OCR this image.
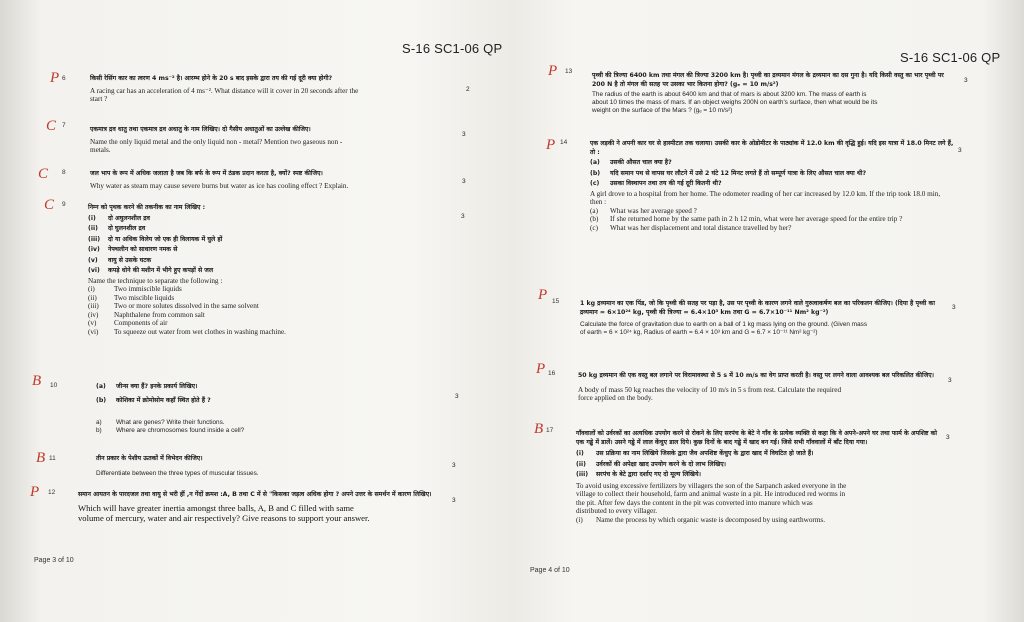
S-16 SC1-06 QP
P 6
2
किसी रेसिंग कार का त्वरण 4 ms⁻² है। आरम्भ होने के 20 s बाद इसके द्वारा तय की गई दूरी क्या होगी?
A racing car has an acceleration of 4 ms⁻². What distance will it cover in 20 seconds after the
start ?
C 7
3
एकमात्र द्रव धातु तथा एकमात्र द्रव अधातु के नाम लिखिए। दो गैसीय अधातुओं का उल्लेख कीजिए।
Name the only liquid metal and the only liquid non - metal? Mention two gaseous non -
metals.
C 8
3
जल भाप के रूप में अधिक जलाता है जब कि बर्फ के रूप में ठंडक प्रदान करता है, क्यों? स्पष्ट कीजिए।
Why water as steam may cause severe burns but water as ice has cooling effect ? Explain.
C 9
3
निम्न को पृथक करने की तकनीक का नाम लिखिए :
(i)	दो अघुलनशील द्रव
(ii)	दो घुलनशील द्रव
(iii)	दो या अधिक विलेय जो एक ही विलायक में घुले हों
(iv)	नेफ्थलीन को साधारण नमक से
(v)	वायु से उसके घटक
(vi)	कपड़े धोने की मशीन में भीगे हुए कपड़ों से जल
Name the technique to separate the following :
(i)	Two immiscible liquids
(ii)	Two miscible liquids
(iii)	Two or more solutes dissolved in the same solvent
(iv)	Naphthalene from common salt
(v)	Components of air
(vi)	To squeeze out water from wet clothes in washing machine.
B 10
3
(a)	जीन्स क्या हैं? इनके प्रकार्य लिखिए।
(b)	कोशिका में क्रोमोसोम कहाँ स्थित होते हैं ?
a)	What are genes? Write their functions.
b)	Where are chromosomes found inside a cell?
B 11
3
तीन प्रकार के पेशीय ऊतकों में विभेदन कीजिए।
Differentiate between the three types of muscular tissues.
P 12
3
समान आयतन के पारदजल तथा वायु से भरी हीं ,न गेंदों क्रमश :A, B तथा C में से "किसका जड़त्व अधिक होगा ? अपने उत्तर के समर्थन में कारण लिखिए।
Which will have greater inertia amongst three balls, A, B and C filled with same
volume of mercury, water and air respectively? Give reasons to support your answer.
Page 3 of 10
S-16 SC1-06 QP
P 13
3
पृथ्वी की त्रिज्या 6400 km तथा मंगल की त्रिज्या 3200 km है। पृथ्वी का द्रव्यमान मंगल के द्रव्यमान का दस गुना है। यदि किसी वस्तु का भार पृथ्वी पर 200 N है तो मंगल की सतह पर उसका भार कितना होगा? (gₑ = 10 m/s²)
The radius of the earth is about 6400 km and that of mars is about 3200 km. The mass of earth is
about 10 times the mass of mars. If an object weighs 200N on earth's surface, then what would be its
weight on the surface of the Mars ? (gₑ = 10 m/s²)
P 14
3
एक लड़की ने अपनी कार घर से हास्पीटल तक चलाया। उसकी कार के ओडोमीटर के पाठ्यांक में 12.0 km की वृद्धि हुई। यदि इस यात्रा में 18.0 मिनट लगे हैं, तो :
(a)	उसकी औसत चाल क्या है?
(b)	यदि समान पथ से वापस घर लौटने में उसे 2 घंटे 12 मिनट लगते हैं तो सम्पूर्ण यात्रा के लिए औसत चाल क्या थी?
(c)	उसका विस्थापन तथा तय की गई दूरी कितनी थी?
A girl drove to a hospital from her home. The odometer reading of her car increased by 12.0 km. If the trip took 18.0 min, then :
(a)	What was her average speed ?
(b)	If she returned home by the same path in 2 h 12 min, what were her average speed for the entire trip ?
(c)	What was her displacement and total distance travelled by her?
P 15
3
1 kg द्रव्यमान का एक पिंड, जो कि पृथ्वी की सतह पर पड़ा है, उस पर पृथ्वी के कारण लगने वाले गुरुत्वाकर्षण बल का परिकलन कीजिए। (दिया है पृथ्वी का द्रव्यमान = 6×10²⁴ kg, पृथ्वी की त्रिज्या = 6.4×10³ km तथा G = 6.7×10⁻¹¹ Nm² kg⁻²)
Calculate the force of gravitation due to earth on a ball of 1 kg mass lying on the ground. (Given mass
of earth = 6 × 10²⁴ kg, Radius of earth = 6.4 × 10³ km and G = 6.7 × 10⁻¹¹ Nm² kg⁻²)
P 16
3
50 kg द्रव्यमान की एक वस्तु बल लगाने पर विरामावस्था से 5 s में 10 m/s का वेग प्राप्त करती है। वस्तु पर लगने वाला आवश्यक बल परिकलित कीजिए।
A body of mass 50 kg reaches the velocity of 10 m/s in 5 s from rest. Calculate the required
force applied on the body.
B 17
3
गाँववालों को उर्वरकों का अत्यधिक उपयोग करने से रोकने के लिए सरपंच के बेटे ने गाँव के प्रत्येक व्यक्ति से कहा कि वे अपने-अपने घर तथा फार्म के अपशिष्ट को एक गड्ढे में डालें। उसने गड्ढे में लाल केंचुए डाल दिये। कुछ दिनों के बाद गड्ढे में खाद बन गई। जिसे सभी गाँववालों में बाँट दिया गया।
(i)	उस प्रक्रिया का नाम लिखिये जिसके द्वारा जैव अपशिष्ट केंचुए के द्वारा खाद में विघटित हो जाते हैं।
(ii)	उर्वरकों की अपेक्षा खाद उपयोग करने के दो लाभ लिखिए।
(iii)	सरपंच के बेटे द्वारा दर्शाए गए दो मूल्य लिखिये।
To avoid using excessive fertilizers by villagers the son of the Sarpanch asked everyone in the
village to collect their household, farm and animal waste in a pit. He introduced red worms in
the pit. After few days the content in the pit was converted into manure which was
distributed to every villager.
(i)	Name the process by which organic waste is decomposed by using earthworms.
Page 4 of 10
